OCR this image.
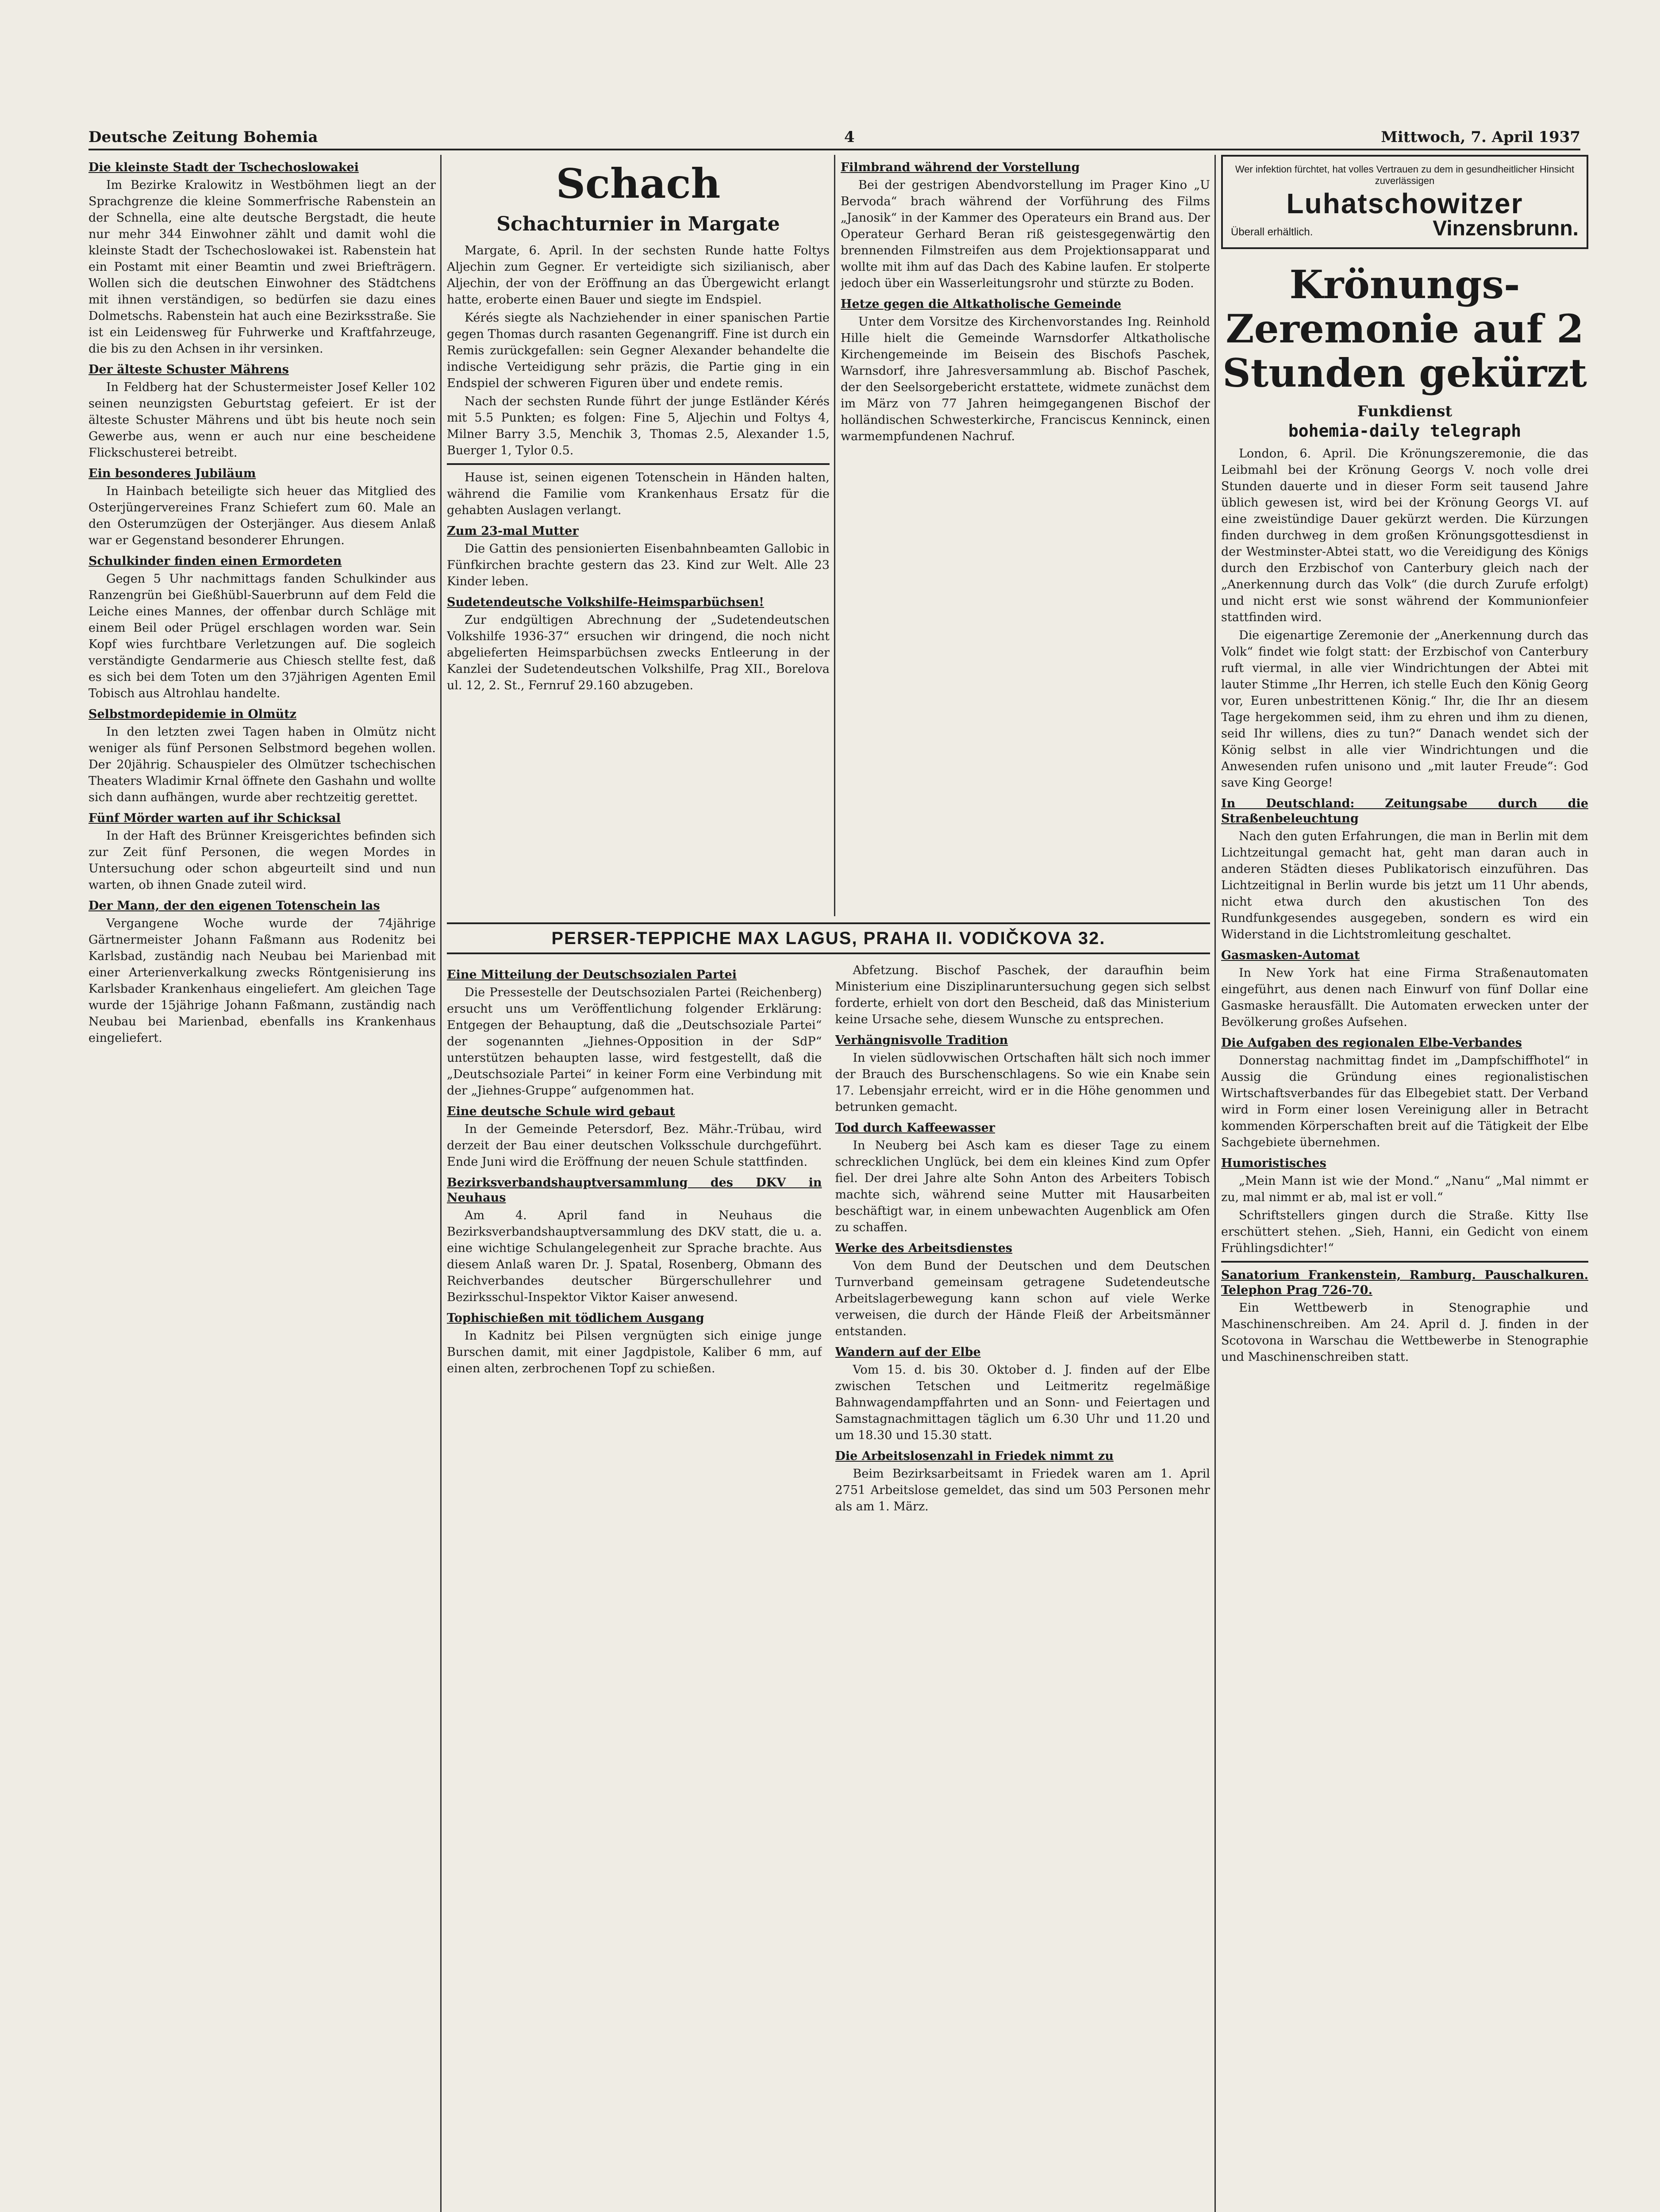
Deutsche Zeitung Bohemia	4	Mittwoch, 7. April 1937
Die kleinste Stadt der Tschechoslowakei

Im Bezirke Kralowitz in Westböhmen liegt an der Sprachgrenze die kleine Sommerfrische Rabenstein an der Schnella, eine alte deutsche Bergstadt, die heute nur mehr 344 Einwohner zählt und damit wohl die kleinste Stadt der Tschechoslowakei ist. Rabenstein hat ein Postamt mit einer Beamtin und zwei Briefträgern. Wollen sich die deutschen Einwohner des Städtchens mit ihnen verständigen, so bedürfen sie dazu eines Dolmetschs. Rabenstein hat auch eine Bezirksstraße. Sie ist ein Leidensweg für Fuhrwerke und Kraftfahrzeuge, die bis zu den Achsen in ihr versinken.

Der älteste Schuster Mährens

In Feldberg hat der Schustermeister Josef Keller 102 seinen neunzigsten Geburtstag gefeiert. Er ist der älteste Schuster Mährens und übt bis heute noch sein Gewerbe aus, wenn er auch nur eine bescheidene Flickschusterei betreibt.

Ein besonderes Jubiläum

In Hainbach beteiligte sich heuer das Mitglied des Osterjüngervereines Franz Schiefert zum 60. Male an den Osterumzügen der Osterjänger. Aus diesem Anlaß war er Gegenstand besonderer Ehrungen.

Schulkinder finden einen Ermordeten

Gegen 5 Uhr nachmittags fanden Schulkinder aus Ranzengrün bei Gießhübl-Sauerbrunn auf dem Feld die Leiche eines Mannes, der offenbar durch Schläge mit einem Beil oder Prügel erschlagen worden war. Sein Kopf wies furchtbare Verletzungen auf. Die sogleich verständigte Gendarmerie aus Chiesch stellte fest, daß es sich bei dem Toten um den 37jährigen Agenten Emil Tobisch aus Altrohlau handelte.

Selbstmordepidemie in Olmütz

In den letzten zwei Tagen haben in Olmütz nicht weniger als fünf Personen Selbstmord begehen wollen. Der 20jährig. Schauspieler des Olmützer tschechischen Theaters Wladimir Krnal öffnete den Gashahn und wollte sich dann aufhängen, wurde aber rechtzeitig gerettet.

Fünf Mörder warten auf ihr Schicksal

In der Haft des Brünner Kreisgerichtes befinden sich zur Zeit fünf Personen, die wegen Mordes in Untersuchung oder schon abgeurteilt sind und nun warten, ob ihnen Gnade zuteil wird.

Der Mann, der den eigenen Totenschein las

Vergangene Woche wurde der 74jährige Gärtnermeister Johann Faßmann aus Rodenitz bei Karlsbad, zuständig nach Neubau bei Marienbad mit einer Arterienverkalkung zwecks Röntgenisierung ins Karlsbader Krankenhaus eingeliefert. Am gleichen Tage wurde der 15jährige Johann Faßmann, zuständig nach Neubau bei Marienbad, ebenfalls ins Krankenhaus eingeliefert.

Schach
Schachturnier in Margate

Margate, 6. April. In der sechsten Runde hatte Foltys Aljechin zum Gegner. Er verteidigte sich sizilianisch, aber Aljechin, der von der Eröffnung an das Übergewicht erlangt hatte, eroberte einen Bauer und siegte im Endspiel.

Kérés siegte als Nachziehender in einer spanischen Partie gegen Thomas durch rasanten Gegenangriff. Fine ist durch ein Remis zurückgefallen: sein Gegner Alexander behandelte die indische Verteidigung sehr präzis, die Partie ging in ein Endspiel der schweren Figuren über und endete remis.

Nach der sechsten Runde führt der junge Estländer Kérés mit 5.5 Punkten; es folgen: Fine 5, Aljechin und Foltys 4, Milner Barry 3.5, Menchik 3, Thomas 2.5, Alexander 1.5, Buerger 1, Tylor 0.5.

Hause ist, seinen eigenen Totenschein in Händen halten, während die Familie vom Krankenhaus Ersatz für die gehabten Auslagen verlangt.

Zum 23-mal Mutter

Die Gattin des pensionierten Eisenbahnbeamten Gallobic in Fünfkirchen brachte gestern das 23. Kind zur Welt. Alle 23 Kinder leben.

Sudetendeutsche Volkshilfe-Heimsparbüchsen!

Zur endgültigen Abrechnung der „Sudetendeutschen Volkshilfe 1936-37“ ersuchen wir dringend, die noch nicht abgelieferten Heimsparbüchsen zwecks Entleerung in der Kanzlei der Sudetendeutschen Volkshilfe, Prag XII., Borelova ul. 12, 2. St., Fernruf 29.160 abzugeben.

Filmbrand während der Vorstellung

Bei der gestrigen Abendvorstellung im Prager Kino „U Bervoda“ brach während der Vorführung des Films „Janosik“ in der Kammer des Operateurs ein Brand aus. Der Operateur Gerhard Beran riß geistesgegenwärtig den brennenden Filmstreifen aus dem Projektionsapparat und wollte mit ihm auf das Dach des Kabine laufen. Er stolperte jedoch über ein Wasserleitungsrohr und stürzte zu Boden.

Hetze gegen die Altkatholische Gemeinde

Unter dem Vorsitze des Kirchenvorstandes Ing. Reinhold Hille hielt die Gemeinde Warnsdorfer Altkatholische Kirchengemeinde im Beisein des Bischofs Paschek, Warnsdorf, ihre Jahresversammlung ab. Bischof Paschek, der den Seelsorgebericht erstattete, widmete zunächst dem im März von 77 Jahren heimgegangenen Bischof der holländischen Schwesterkirche, Franciscus Kenninck, einen warmempfundenen Nachruf.

PERSER-TEPPICHE MAX LAGUS, PRAHA II. VODIČKOVA 32.
Eine Mitteilung der Deutschsozialen Partei

Die Pressestelle der Deutschsozialen Partei (Reichenberg) ersucht uns um Veröffentlichung folgender Erklärung: Entgegen der Behauptung, daß die „Deutschsoziale Partei“ der sogenannten „Jiehnes-Opposition in der SdP“ unterstützen behaupten lasse, wird festgestellt, daß die „Deutschsoziale Partei“ in keiner Form eine Verbindung mit der „Jiehnes-Gruppe“ aufgenommen hat.

Eine deutsche Schule wird gebaut

In der Gemeinde Petersdorf, Bez. Mähr.-Trübau, wird derzeit der Bau einer deutschen Volksschule durchgeführt. Ende Juni wird die Eröffnung der neuen Schule stattfinden.

Bezirksverbandshauptversammlung des DKV in Neuhaus

Am 4. April fand in Neuhaus die Bezirksverbandshauptversammlung des DKV statt, die u. a. eine wichtige Schulangelegenheit zur Sprache brachte. Aus diesem Anlaß waren Dr. J. Spatal, Rosenberg, Obmann des Reichverbandes deutscher Bürgerschullehrer und Bezirksschul-Inspektor Viktor Kaiser anwesend.

Tophischießen mit tödlichem Ausgang

In Kadnitz bei Pilsen vergnügten sich einige junge Burschen damit, mit einer Jagdpistole, Kaliber 6 mm, auf einen alten, zerbrochenen Topf zu schießen.

Abfetzung. Bischof Paschek, der daraufhin beim Ministerium eine Disziplinaruntersuchung gegen sich selbst forderte, erhielt von dort den Bescheid, daß das Ministerium keine Ursache sehe, diesem Wunsche zu entsprechen.

Verhängnisvolle Tradition

In vielen südlovwischen Ortschaften hält sich noch immer der Brauch des Burschenschlagens. So wie ein Knabe sein 17. Lebensjahr erreicht, wird er in die Höhe genommen und betrunken gemacht.

Tod durch Kaffeewasser

In Neuberg bei Asch kam es dieser Tage zu einem schrecklichen Unglück, bei dem ein kleines Kind zum Opfer fiel. Der drei Jahre alte Sohn Anton des Arbeiters Tobisch machte sich, während seine Mutter mit Hausarbeiten beschäftigt war, in einem unbewachten Augenblick am Ofen zu schaffen.

Werke des Arbeitsdienstes

Von dem Bund der Deutschen und dem Deutschen Turnverband gemeinsam getragene Sudetendeutsche Arbeitslagerbewegung kann schon auf viele Werke verweisen, die durch der Hände Fleiß der Arbeitsmänner entstanden.

Wandern auf der Elbe

Vom 15. d. bis 30. Oktober d. J. finden auf der Elbe zwischen Tetschen und Leitmeritz regelmäßige Bahnwagendampffahrten und an Sonn- und Feiertagen und Samstagnachmittagen täglich um 6.30 Uhr und 11.20 und um 18.30 und 15.30 statt.

Die Arbeitslosenzahl in Friedek nimmt zu

Beim Bezirksarbeitsamt in Friedek waren am 1. April 2751 Arbeitslose gemeldet, das sind um 503 Personen mehr als am 1. März.

Wer infektion fürchtet, hat volles Vertrauen zu dem in gesundheitlicher Hinsicht zuverlässigen
Luhatschowitzer
Überall erhältlich.	Vinzensbrunn.
Krönungs-Zeremonie auf 2 Stunden gekürzt
Funkdienst
bohemia-daily telegraph

London, 6. April. Die Krönungszeremonie, die das Leibmahl bei der Krönung Georgs V. noch volle drei Stunden dauerte und in dieser Form seit tausend Jahre üblich gewesen ist, wird bei der Krönung Georgs VI. auf eine zweistündige Dauer gekürzt werden. Die Kürzungen finden durchweg in dem großen Krönungsgottesdienst in der Westminster-Abtei statt, wo die Vereidigung des Königs durch den Erzbischof von Canterbury gleich nach der „Anerkennung durch das Volk“ (die durch Zurufe erfolgt) und nicht erst wie sonst während der Kommunionfeier stattfinden wird.

Die eigenartige Zeremonie der „Anerkennung durch das Volk“ findet wie folgt statt: der Erzbischof von Canterbury ruft viermal, in alle vier Windrichtungen der Abtei mit lauter Stimme „Ihr Herren, ich stelle Euch den König Georg vor, Euren unbestrittenen König.“ Ihr, die Ihr an diesem Tage hergekommen seid, ihm zu ehren und ihm zu dienen, seid Ihr willens, dies zu tun?“ Danach wendet sich der König selbst in alle vier Windrichtungen und die Anwesenden rufen unisono und „mit lauter Freude“: God save King George!

In Deutschland: Zeitungsabe durch die Straßenbeleuchtung

Nach den guten Erfahrungen, die man in Berlin mit dem Lichtzeitungal gemacht hat, geht man daran auch in anderen Städten dieses Publikatorisch einzuführen. Das Lichtzeitignal in Berlin wurde bis jetzt um 11 Uhr abends, nicht etwa durch den akustischen Ton des Rundfunkgesendes ausgegeben, sondern es wird ein Widerstand in die Lichtstromleitung geschaltet.

Gasmasken-Automat

In New York hat eine Firma Straßenautomaten eingeführt, aus denen nach Einwurf von fünf Dollar eine Gasmaske herausfällt. Die Automaten erwecken unter der Bevölkerung großes Aufsehen.

Die Aufgaben des regionalen Elbe-Verbandes

Donnerstag nachmittag findet im „Dampfschiffhotel“ in Aussig die Gründung eines regionalistischen Wirtschaftsverbandes für das Elbegebiet statt. Der Verband wird in Form einer losen Vereinigung aller in Betracht kommenden Körperschaften breit auf die Tätigkeit der Elbe Sachgebiete übernehmen.

Humoristisches

„Mein Mann ist wie der Mond.“ „Nanu“ „Mal nimmt er zu, mal nimmt er ab, mal ist er voll.“

Schriftstellers gingen durch die Straße. Kitty Ilse erschüttert stehen. „Sieh, Hanni, ein Gedicht von einem Frühlingsdichter!“

Sanatorium Frankenstein, Ramburg. Pauschalkuren. Telephon Prag 726-70.

Ein Wettbewerb in Stenographie und Maschinenschreiben. Am 24. April d. J. finden in der Scotovona in Warschau die Wettbewerbe in Stenographie und Maschinenschreiben statt.
